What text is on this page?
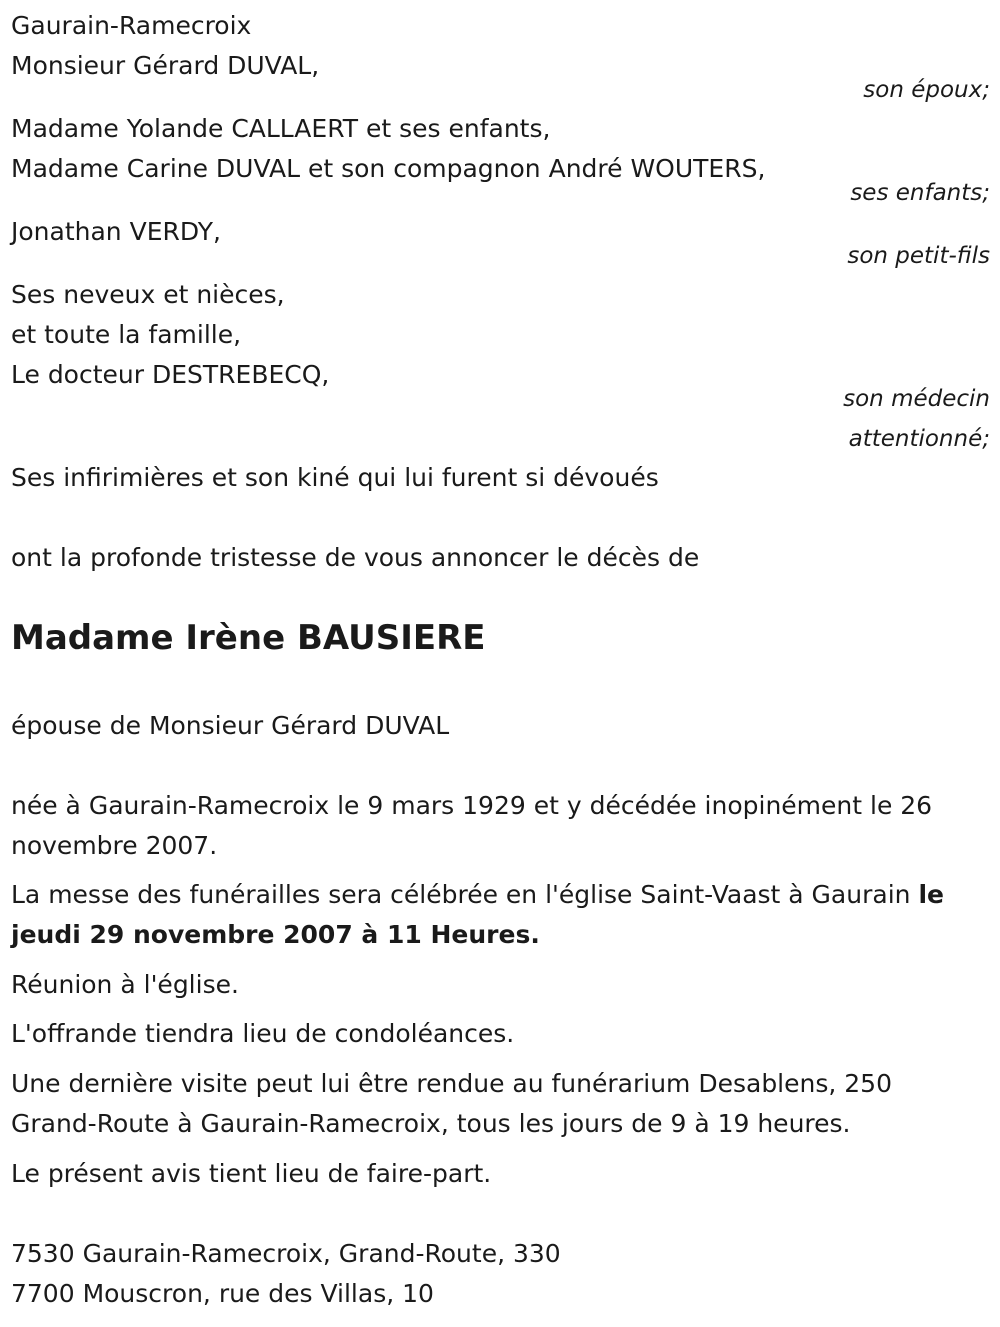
Gaurain-Ramecroix

Monsieur Gérard DUVAL,

son époux;

Madame Yolande CALLAERT et ses enfants,

Madame Carine DUVAL et son compagnon André WOUTERS,

ses enfants;

Jonathan VERDY,

son petit-fils

Ses neveux et nièces,

et toute la famille,

Le docteur DESTREBECQ,

son médecin

attentionné;

Ses infirimières et son kiné qui lui furent si dévoués

ont la profonde tristesse de vous annoncer le décès de

Madame Irène BAUSIERE

épouse de Monsieur Gérard DUVAL

née à Gaurain-Ramecroix le 9 mars 1929 et y décédée inopinément le 26

novembre 2007.

La messe des funérailles sera célébrée en l'église Saint-Vaast à Gaurain le

jeudi 29 novembre 2007 à 11 Heures.

Réunion à l'église.

L'offrande tiendra lieu de condoléances.

Une dernière visite peut lui être rendue au funérarium Desablens, 250

Grand-Route à Gaurain-Ramecroix, tous les jours de 9 à 19 heures.

Le présent avis tient lieu de faire-part.

7530 Gaurain-Ramecroix, Grand-Route, 330

7700 Mouscron, rue des Villas, 10
